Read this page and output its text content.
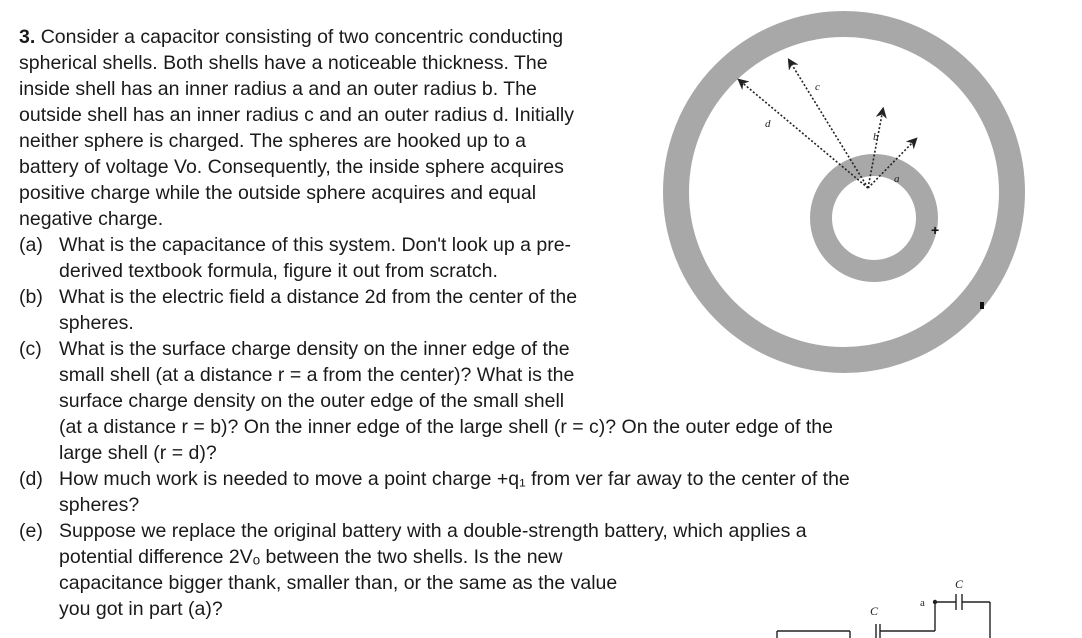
3. Consider a capacitor consisting of two concentric conducting
spherical shells. Both shells have a noticeable thickness. The
inside shell has an inner radius a and an outer radius b. The
outside shell has an inner radius c and an outer radius d. Initially
neither sphere is charged. The spheres are hooked up to a
battery of voltage Vo. Consequently, the inside sphere acquires
positive charge while the outside sphere acquires and equal
negative charge.

(a) What is the capacitance of this system. Don't look up a pre-
derived textbook formula, figure it out from scratch.
(b) What is the electric field a distance 2d from the center of the
spheres.
(c) What is the surface charge density on the inner edge of the
small shell (at a distance r = a from the center)? What is the
surface charge density on the outer edge of the small shell
(at a distance r = b)? On the inner edge of the large shell (r = c)? On the outer edge of the
large shell (r = d)?
(d) How much work is needed to move a point charge +q₁ from ver far away to the center of the
spheres?
(e) Suppose we replace the original battery with a double-strength battery, which applies a
potential difference 2Vₒ between the two shells. Is the new
capacitance bigger thank, smaller than, or the same as the value
you got in part (a)?
d
c
b
a
+
a
C
C
